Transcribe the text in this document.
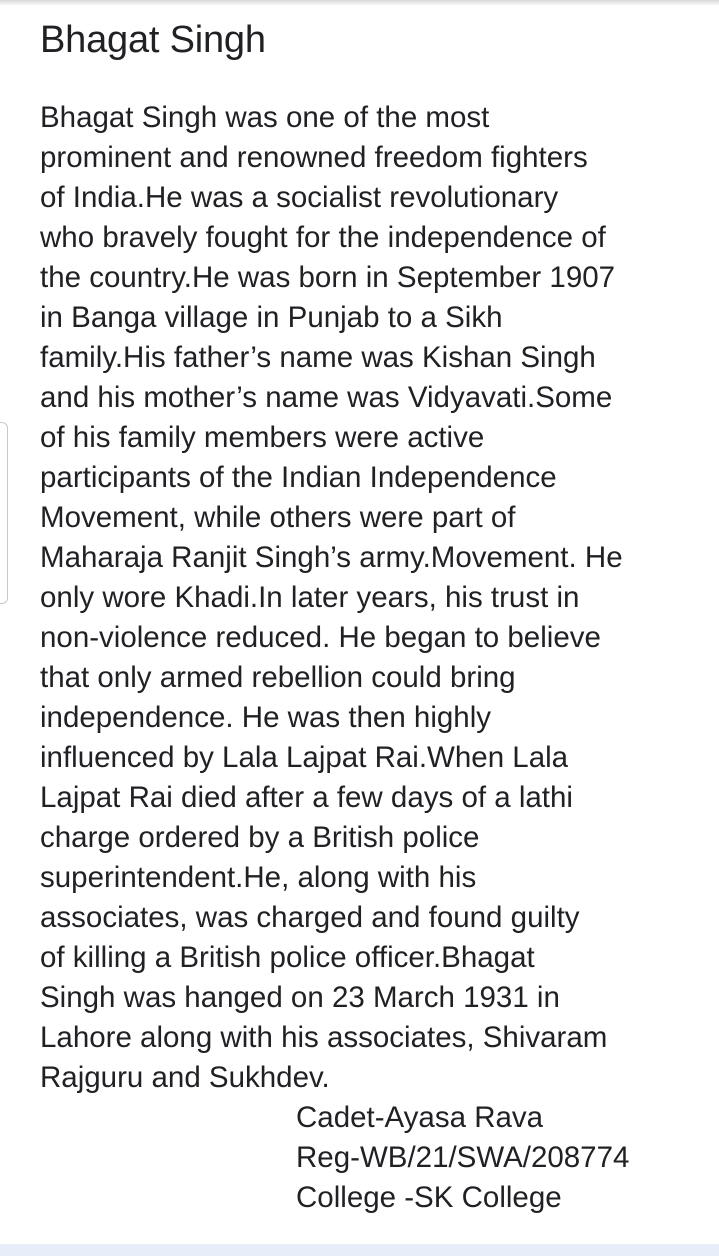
Bhagat Singh
Bhagat Singh was one of the most
prominent and renowned freedom fighters
of India.He was a socialist revolutionary
who bravely fought for the independence of
the country.He was born in September 1907
in Banga village in Punjab to a Sikh
family.His father’s name was Kishan Singh
and his mother’s name was Vidyavati.Some
of his family members were active
participants of the Indian Independence
Movement, while others were part of
Maharaja Ranjit Singh’s army.Movement. He
only wore Khadi.In later years, his trust in
non-violence reduced. He began to believe
that only armed rebellion could bring
independence. He was then highly
influenced by Lala Lajpat Rai.When Lala
Lajpat Rai died after a few days of a lathi
charge ordered by a British police
superintendent.He, along with his
associates, was charged and found guilty
of killing a British police officer.Bhagat
Singh was hanged on 23 March 1931 in
Lahore along with his associates, Shivaram
Rajguru and Sukhdev.
Cadet-Ayasa Rava
Reg-WB/21/SWA/208774
College -SK College
